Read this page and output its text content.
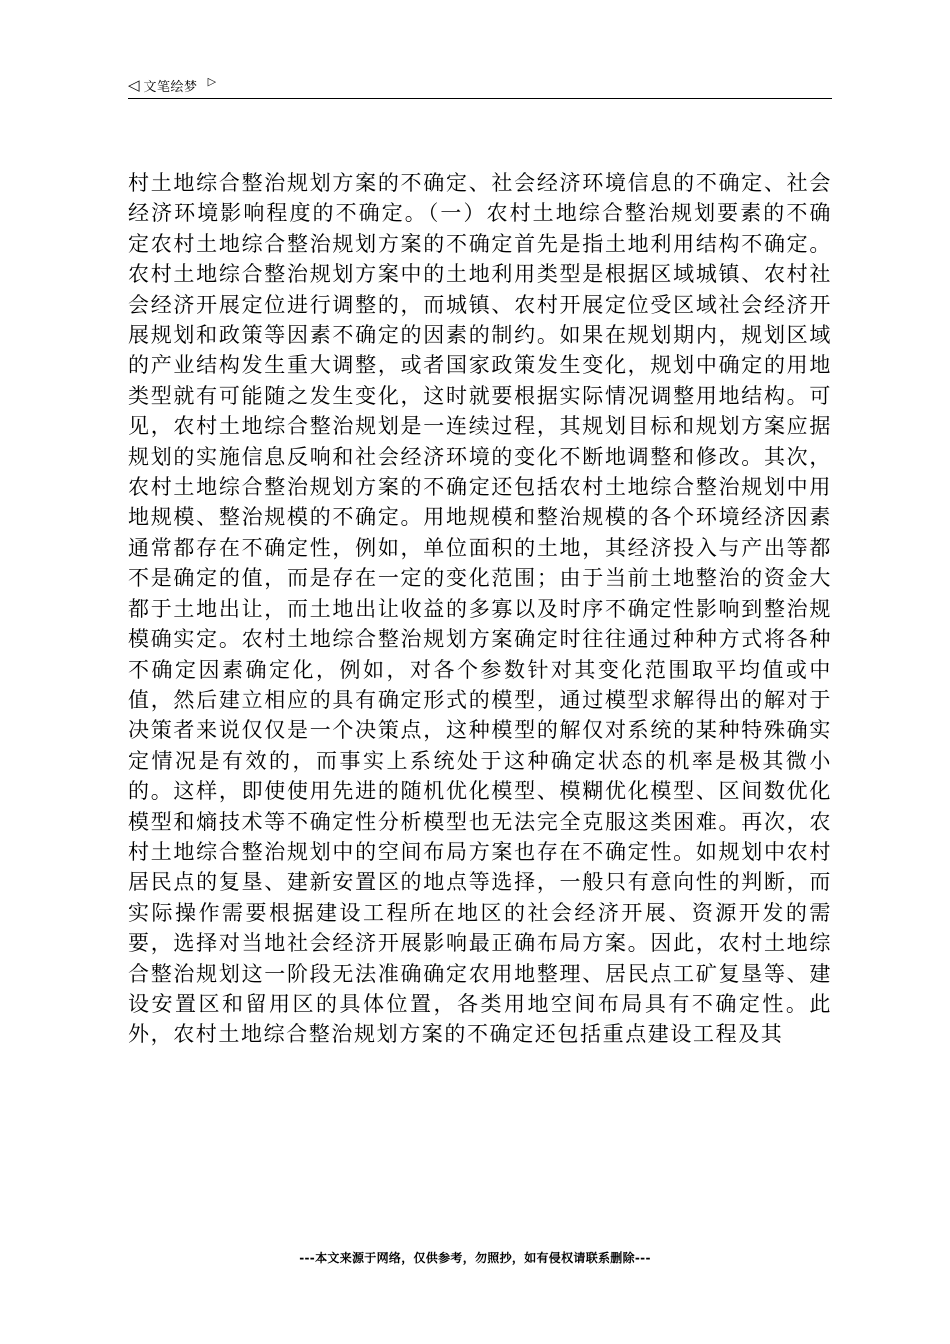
◁ 文笔绘梦 ▷

村土地综合整治规划方案的不确定、社会经济环境信息的不确定、社会经济环境影响程度的不确定。（一）农村土地综合整治规划要素的不确定农村土地综合整治规划方案的不确定首先是指土地利用结构不确定。农村土地综合整治规划方案中的土地利用类型是根据区域城镇、农村社会经济开展定位进行调整的，而城镇、农村开展定位受区域社会经济开展规划和政策等因素不确定的因素的制约。如果在规划期内，规划区域的产业结构发生重大调整，或者国家政策发生变化，规划中确定的用地类型就有可能随之发生变化，这时就要根据实际情况调整用地结构。可见，农村土地综合整治规划是一连续过程，其规划目标和规划方案应据规划的实施信息反响和社会经济环境的变化不断地调整和修改。其次，农村土地综合整治规划方案的不确定还包括农村土地综合整治规划中用地规模、整治规模的不确定。用地规模和整治规模的各个环境经济因素通常都存在不确定性，例如，单位面积的土地，其经济投入与产出等都不是确定的值，而是存在一定的变化范围；由于当前土地整治的资金大都于土地出让，而土地出让收益的多寡以及时序不确定性影响到整治规模确实定。农村土地综合整治规划方案确定时往往通过种种方式将各种不确定因素确定化，例如，对各个参数针对其变化范围取平均值或中值，然后建立相应的具有确定形式的模型，通过模型求解得出的解对于决策者来说仅仅是一个决策点，这种模型的解仅对系统的某种特殊确实定情况是有效的，而事实上系统处于这种确定状态的机率是极其微小的。这样，即使使用先进的随机优化模型、模糊优化模型、区间数优化模型和熵技术等不确定性分析模型也无法完全克服这类困难。再次，农村土地综合整治规划中的空间布局方案也存在不确定性。如规划中农村居民点的复垦、建新安置区的地点等选择，一般只有意向性的判断，而实际操作需要根据建设工程所在地区的社会经济开展、资源开发的需要，选择对当地社会经济开展影响最正确布局方案。因此，农村土地综合整治规划这一阶段无法准确确定农用地整理、居民点工矿复垦等、建设安置区和留用区的具体位置，各类用地空间布局具有不确定性。此外，农村土地综合整治规划方案的不确定还包括重点建设工程及其

---本文来源于网络，仅供参考，勿照抄，如有侵权请联系删除---
